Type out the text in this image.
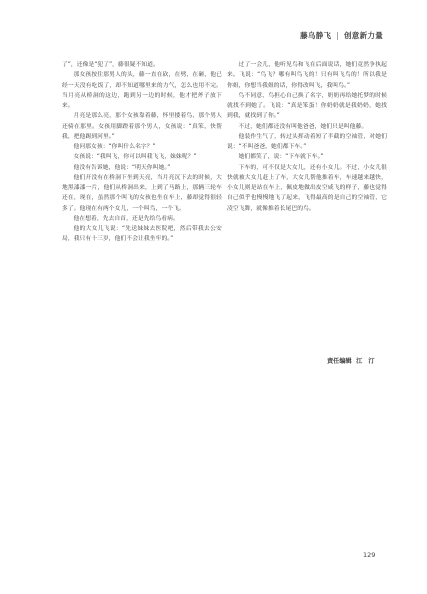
藤乌静飞 | 创意新力量

了”，还像是“犯了”，藤很疑不知道。

那女孩按住那男人的头，藤一直在砍，在劈，在砸，他已经一天没有吃饭了，却不知道哪里来的力气，怎么也用不完。当月亮从桥洞的这边，跑到另一边的时候，他才把斧子放下来。

月亮是那么亮，那个女孩靠着藤，怀里搂着鸟，那个男人还骑在那里。女孩用脚蹬着那个男人，女孩说：“真笨，快帮我，把他踢到河里。”

他问那女孩：“你叫什么名字？”

女孩说：“我叫飞，你可以叫我飞飞，妹妹呢？”

他没有告诉她，他说：“明天你叫她。”

他们开没有在桥洞下坐到天亮，当月亮沉下去的时候，大地黑漆漆一片，他们从桥洞出来，上到了马路上，那辆三轮车还在，现在，虽然那个叫飞的女孩也坐在车上，藤却觉得很轻多了。他现在有两个女儿，一个叫鸟，一个飞。

他在想着，先去自首，还是先给鸟看病。

他的大女儿飞说：“先送妹妹去医院吧，然后带我去公安局，我只有十三岁，他们不会让我坐牢的。”

过了一会儿，他听见鸟和飞在后面说话，她们竟然争执起来。飞说：“鸟飞？哪有叫鸟飞的！只有叫飞鸟的！所以我是你姐，你想当我姐的话，你得改叫飞，我叫鸟。”

鸟不同意，鸟担心自己换了名字，奶奶再给她托梦的时候就找不到她了。飞说：“真是笨蛋！你奶奶就是我奶奶，她找到我，就找到了你。”

不过，她们都还没有叫他爸爸，她们只是叫他藤。

他装作生气了，转过头挥动着短了半截的空袖管，对她们说：“不叫爸爸，她们都下车。”

她们都笑了，说：“下车就下车。”

下车的，可不仅是大女儿，还有小女儿。不过，小女儿很快就被大女儿赶上了车，大女儿帮他推着车，车速越来越快，小女儿则是站在车上，佩皮地做出皮空咸飞的样子，藤也觉得自己似乎也慢慢地飞了起来，飞得最高的是自己的空袖管，它凌空飞舞，就像推着长尾巴的鸟。

责任编辑 江　汀
129
